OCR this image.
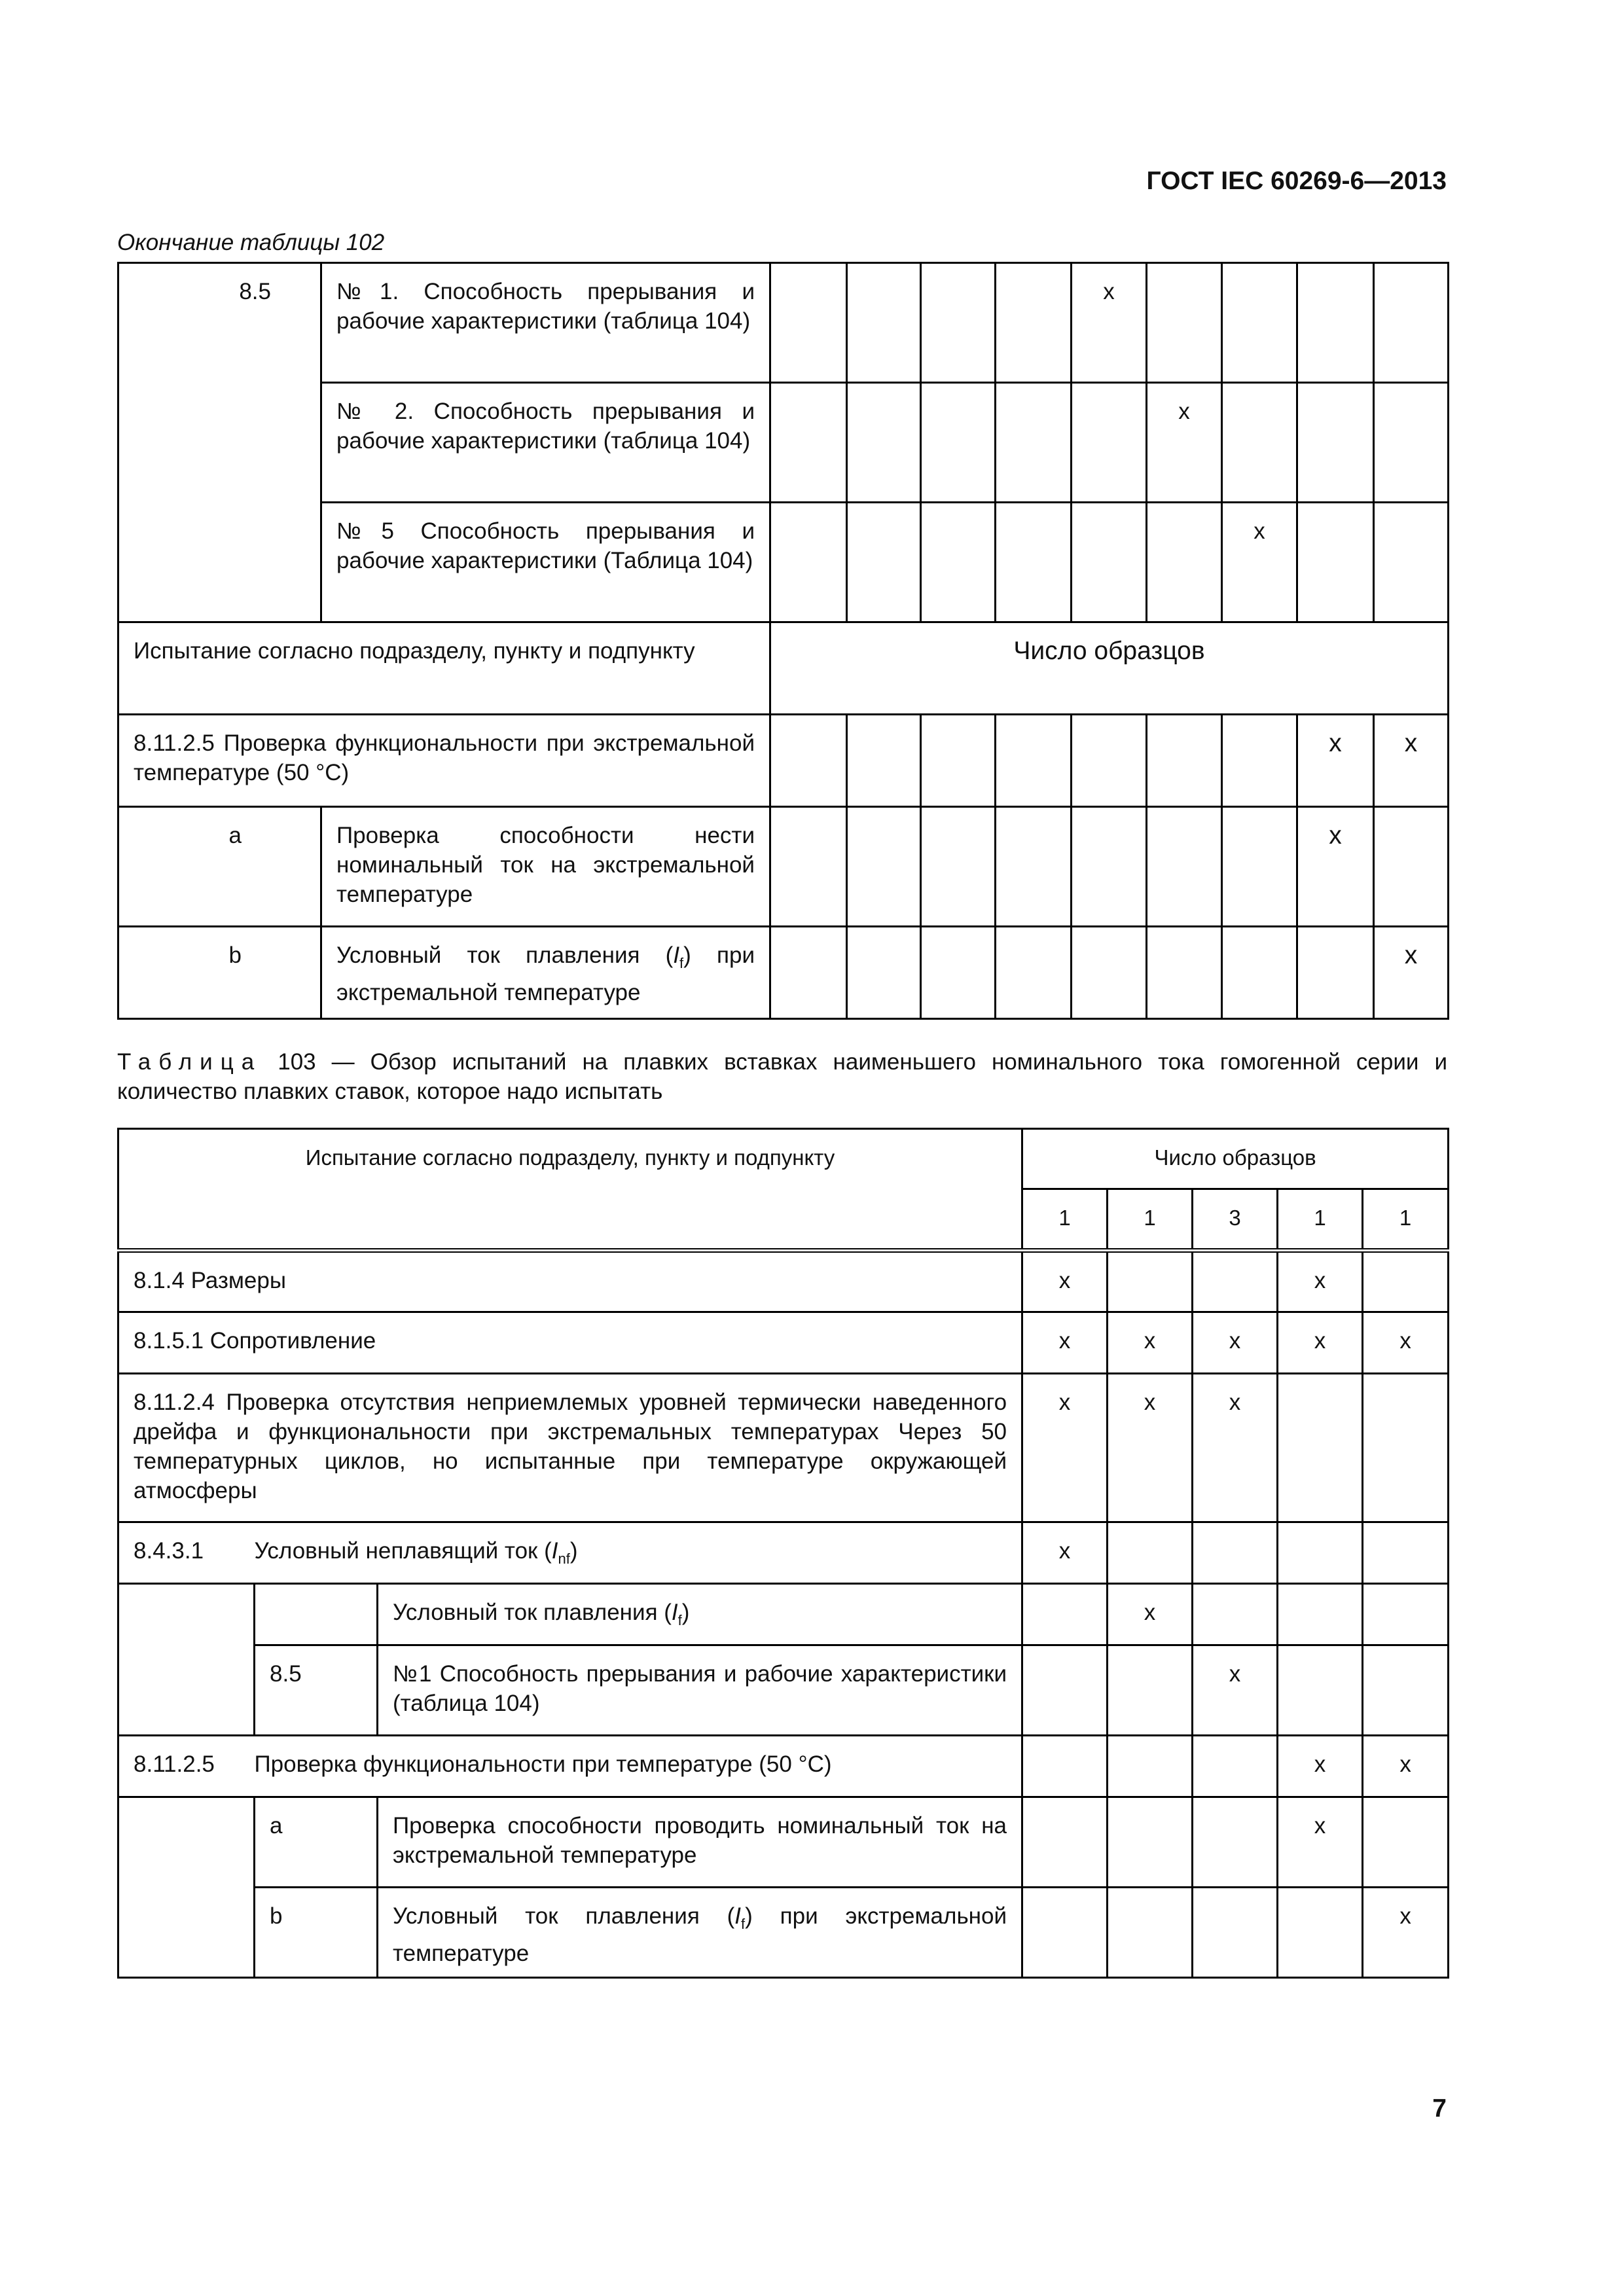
ГОСТ IEC 60269-6—2013
Окончание таблицы 102
8.5	№1. Способность прерывания и рабочие характеристики (таблица 104)					x				
	№ 2. Способность прерывания и рабочие характеристики (таблица 104)						x			
	№5 Способность прерывания и рабочие характеристики (Таблица 104)							x		
Испытание согласно подразделу, пункту и подпункту		Число образцов								
8.11.2.5 Проверка функциональности при экстремальной температуре (50 °С)									x	x
a	Проверка способности нести номинальный ток на экстремальной температуре								x	
b	Условный ток плавления $(I_f)$ при экстремальной температуре									x
Таблица 103 — Обзор испытаний на плавких вставках наименьшего номинального тока гомогенной серии и количество плавких ставок, которое надо испытать
Испытание согласно подразделу, пункту и подпункту			Число образцов				
			1	1	3	1	1
8.1.4 Размеры			x			x	
8.1.5.1 Сопротивление			x	x	x	x	x
8.11.2.4 Проверка отсутствия неприемлемых уровней термически наведенного дрейфа и функциональности при экстремальных температурах Через 50 температурных циклов, но испытанные при температуре окружающей атмосферы			x	x	x		
8.4.3.1	Условный неплавящий ток $(I_{nf})$		x				
		Условный ток плавления $(I_f)$		x			
	8.5	№1 Способность прерывания и рабочие характеристики (таблица 104)			x		
8.11.2.5	Проверка функциональности при температуре (50 °С)					x	x
	a	Проверка способности проводить номинальный ток на экстремальной температуре				x	
	b	Условный ток плавления $(I_f)$ при экстремальной температуре					x
7
